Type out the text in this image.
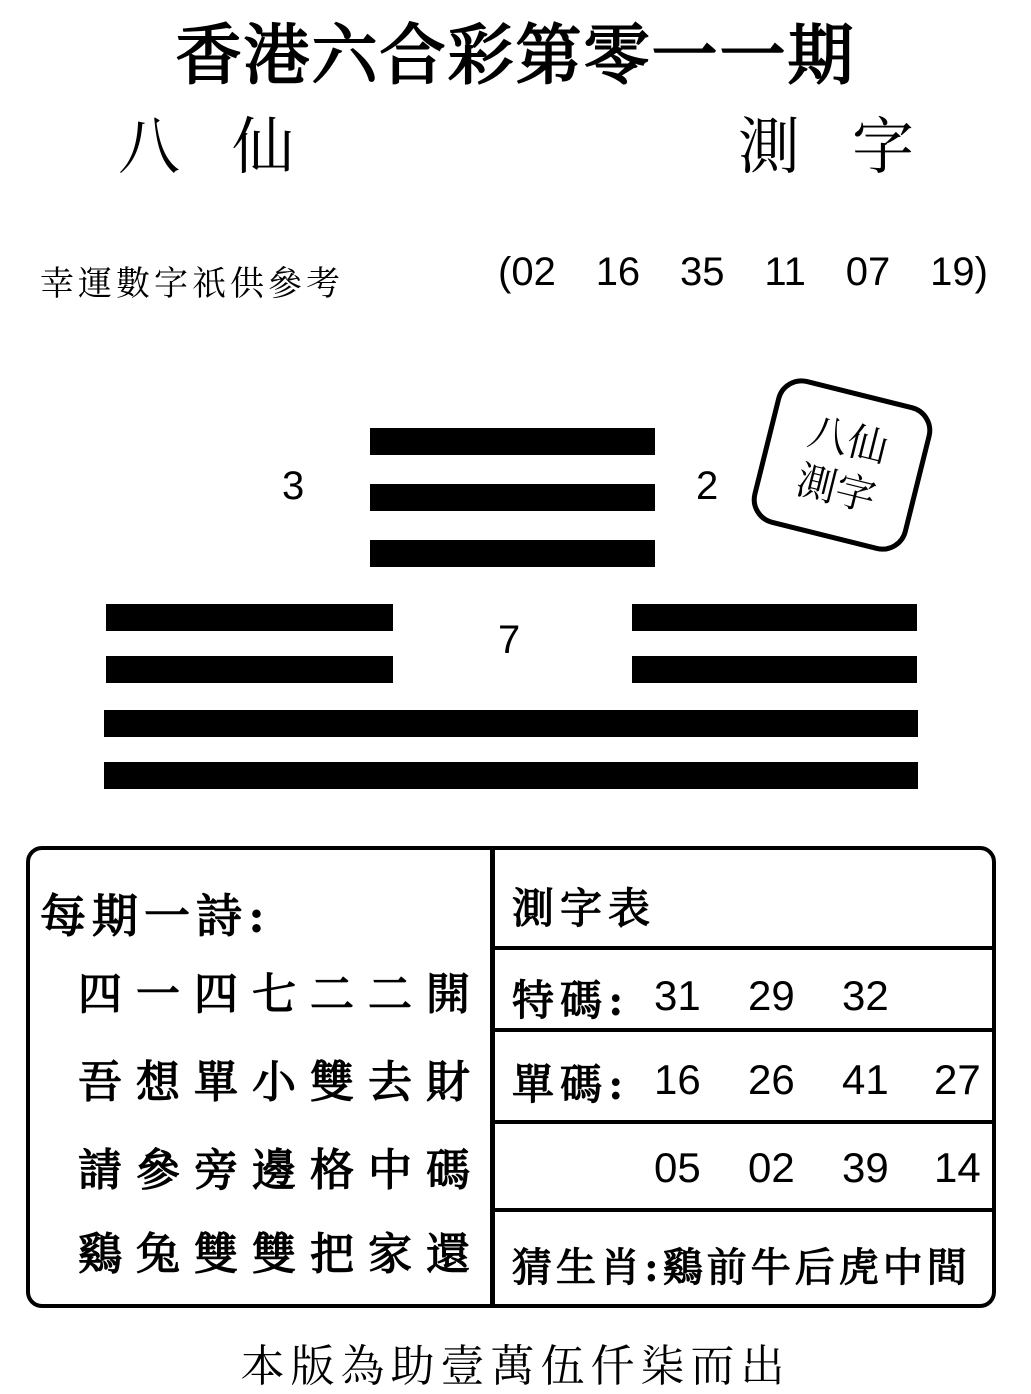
香港六合彩第零一一期
八仙	測字
幸運數字祇供參考	(02 16 35 11 07 19)
3	2
7
八仙
測字
每期一詩:
四一四七二二開
吾想單小雙去財
請參旁邊格中碼
鷄兔雙雙把家還
測字表
特碼: 31 29 32
單碼: 16 26 41 27
05 02 39 14
猜生肖:鷄前牛后虎中間
本版為助壹萬伍仟柒而出
